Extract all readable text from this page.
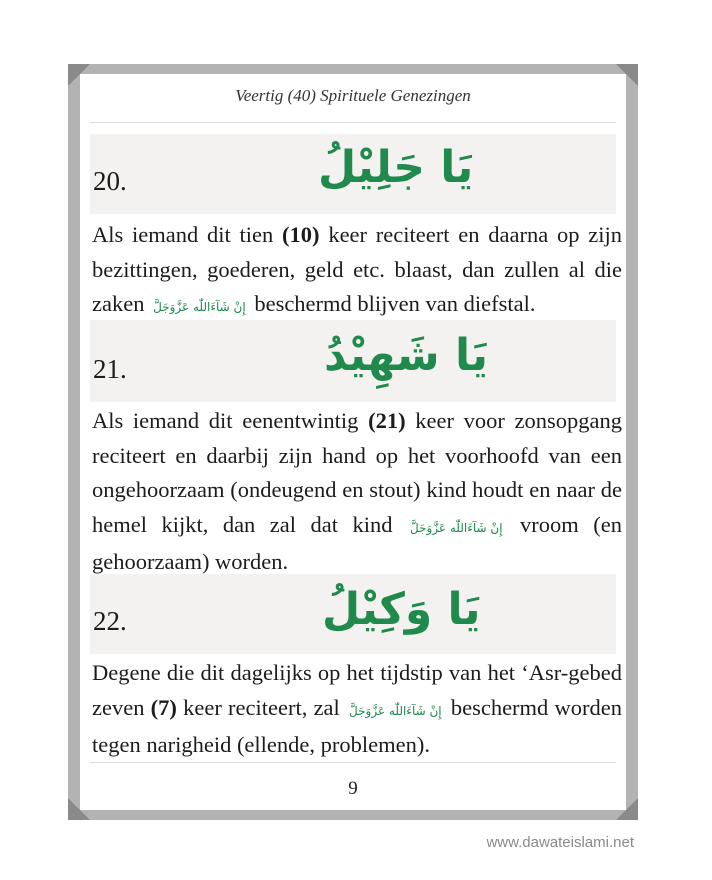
Veertig (40) Spirituele Genezingen
20.	يَا جَلِيْلُ
Als iemand dit tien (10) keer reciteert en daarna op zijn bezittingen, goederen, geld etc. blaast, dan zullen al die zaken إِنْ شَآءَاللّٰه عَزَّوَجَلَّ beschermd blijven van diefstal.
21.	يَا شَهِيْدُ
Als iemand dit eenentwintig (21) keer voor zonsopgang reciteert en daarbij zijn hand op het voorhoofd van een ongehoorzaam (ondeugend en stout) kind houdt en naar de hemel kijkt, dan zal dat kind إِنْ شَآءَاللّٰه عَزَّوَجَلَّ vroom (en gehoorzaam) worden.
22.	يَا وَكِيْلُ
Degene die dit dagelijks op het tijdstip van het ‘Asr-gebed zeven (7) keer reciteert, zal إِنْ شَآءَاللّٰه عَزَّوَجَلَّ beschermd worden tegen narigheid (ellende, problemen).
9
www.dawateislami.net
